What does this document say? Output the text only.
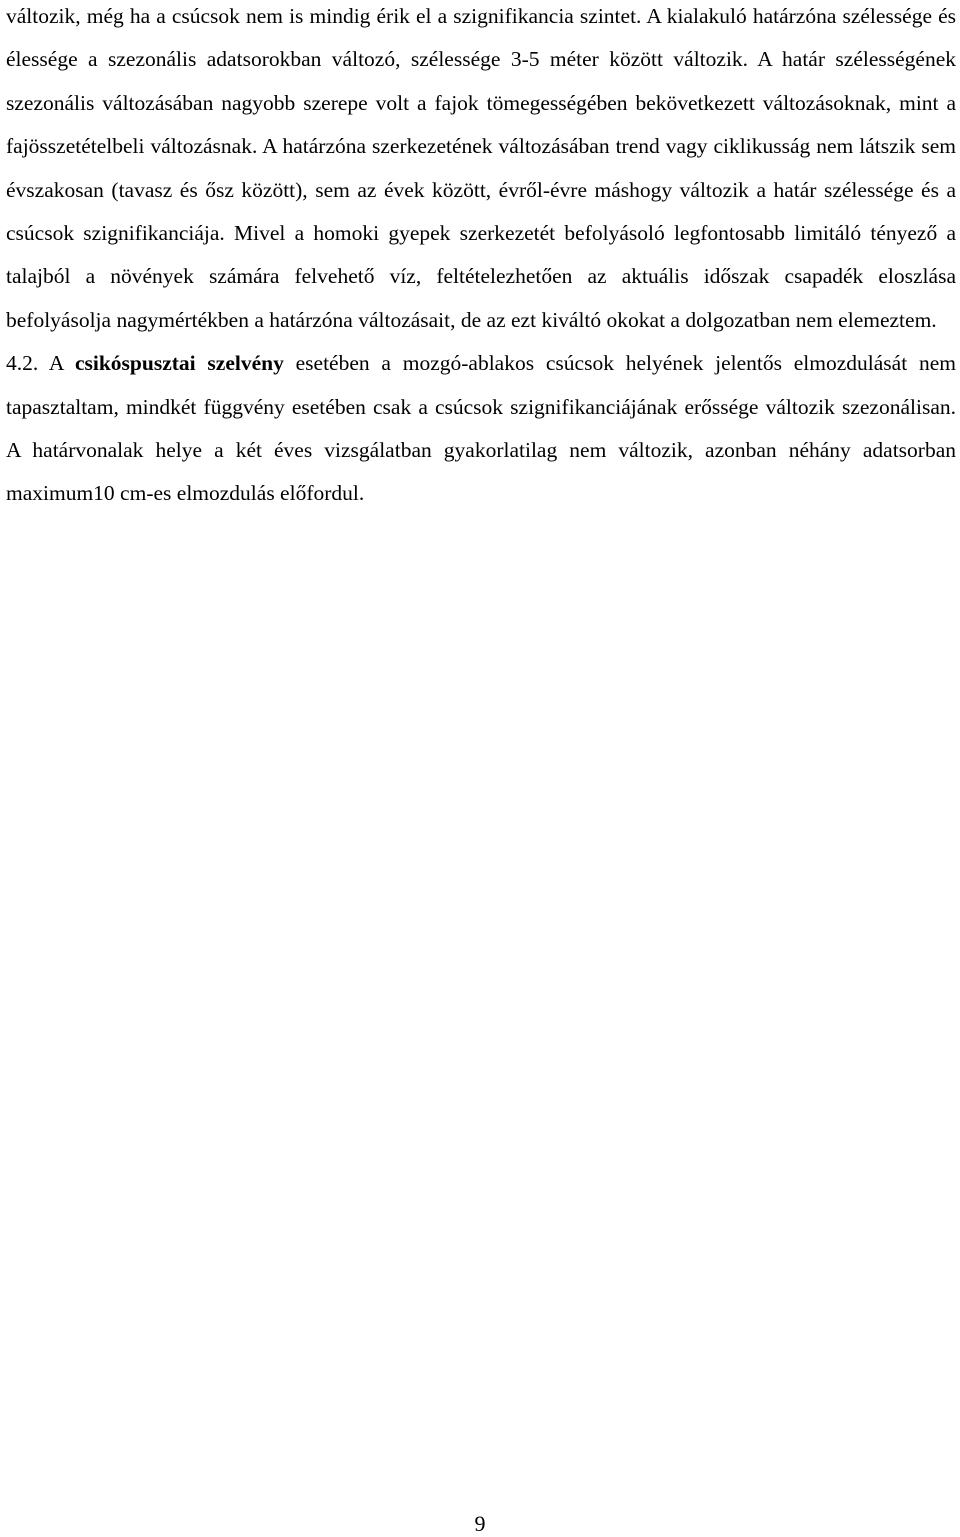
változik, még ha a csúcsok nem is mindig érik el a szignifikancia szintet. A kialakuló határzóna szélessége és élessége a szezonális adatsorokban változó, szélessége 3-5 méter között változik. A határ szélességének szezonális változásában nagyobb szerepe volt a fajok tömegességében bekövetkezett változásoknak, mint a fajösszetételbeli változásnak. A határzóna szerkezetének változásában trend vagy ciklikusság nem látszik sem évszakosan (tavasz és ősz között), sem az évek között, évről-évre máshogy változik a határ szélessége és a csúcsok szignifikanciája. Mivel a homoki gyepek szerkezetét befolyásoló legfontosabb limitáló tényező a talajból a növények számára felvehető víz, feltételezhetően az aktuális időszak csapadék eloszlása befolyásolja nagymértékben a határzóna változásait, de az ezt kiváltó okokat a dolgozatban nem elemeztem.

4.2. A csikóspusztai szelvény esetében a mozgó-ablakos csúcsok helyének jelentős elmozdulását nem tapasztaltam, mindkét függvény esetében csak a csúcsok szignifikanciájának erőssége változik szezonálisan. A határvonalak helye a két éves vizsgálatban gyakorlatilag nem változik, azonban néhány adatsorban maximum10 cm-es elmozdulás előfordul.

9
